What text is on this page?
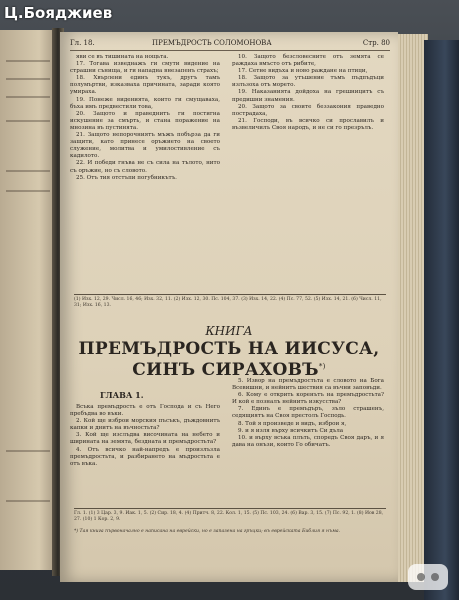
Гл. 18.	ПРЕМЪДРОСТЬ СОЛОМОНОВА	Стр. 80

яви се въ тишината на нощьта.

17. Тогава изведнажъ ги смути видение на страшни сънища, и ги нападна внезапенъ страхъ;

18. Хвърлени единъ тукъ, другъ тамъ полумъртви, изказваха причината, заради която умираха.

19. Понеже виденията, които ги смущаваха, бъха имъ предвестили това,

20. Защото и праведнитъ ги постигна искушение за смърть, и стана поражение на мнозина въ пустинята.

21. Защото непорочниятъ мъжъ побърза да ги защити, като принесе оръжието на своето служение, молитва и умилостивление съ кадилото.

22. И победи гнъва не съ сила на тълото, нито съ оръжие, но съ словото.

25. Отъ тия отстъпи погубникътъ.

10. Защото безсловесните отъ земята се раждаха вмъсто отъ рибите,

17. Сетне видъха и ново раждане на птици,

18. Защото за утъшение тъмъ пъдпъдъци излъзоха отъ морето.

19. Наказанията дойдоха на грешницитъ съ предишни знамения.

20. Защото за своите беззакония праведно пострадаха,

21. Господи, въ всичко си прославилъ и възвеличилъ Своя народъ, и не си го презрълъ.

(1) Изх. 12, 29. Числ. 16, 46; Изх. 32, 11. (2) Изх. 12, 30. Пс. 104, 37. (3) Изх. 14, 22. (4) Пс. 77, 52. (5) Изх. 14, 21. (6) Числ. 11, 31; Изх. 16, 13.
КНИГА
ПРЕМЪДРОСТЬ НА ИИСУСА,
СИНЪ СИРАХОВЪ*)
ГЛАВА 1.

Всъка премъдрость е отъ Господа и съ Него пребъдва во въки.

2. Кой ще изброи морския пъсъкъ, дъждовнитъ капки и днитъ на въчностьта?

3. Кой ще изслъдва височината на небето и ширината на земята, бездната и премъдростьта?

4. Отъ всичко най-напредъ е произлъзла премъдростьта, и разбирането на мъдростьта е отъ въка.

5. Извор на премъдростьта е словото на Бога Всевишни, и нейнитъ шествия са въчни заповъди.

6. Кому е открить коренътъ на премъдростьта? И кой е позналъ нейнитъ изкусства?

7. Единъ е премъдъръ, зъло страшенъ, седящиятъ на Своя престолъ Господь.

8. Той я произведе и видъ, изброи я,

9. и я изля върху всичкитъ Си дъла

10. и върху всъка плъть, споредъ Своя даръ, и я дава на онъзи, които Го обичатъ.

Гл. 1. (1) 3 Цар. 3, 9. Иак. 1, 5. (2) Сир. 18, 4. (4) Притч. 8, 22. Кол. 1, 15. (5) Пс. 103, 24. (6) Вар. 3, 15. (7) Пс. 92, 1. (8) Иов 28, 27. (10) 1 Кор. 2, 9.
*) Тая книга първоначално е написана на еврейски, но е запазена на гръцки; въ еврейската Библия я нъма.
Ц.Бояджиев
